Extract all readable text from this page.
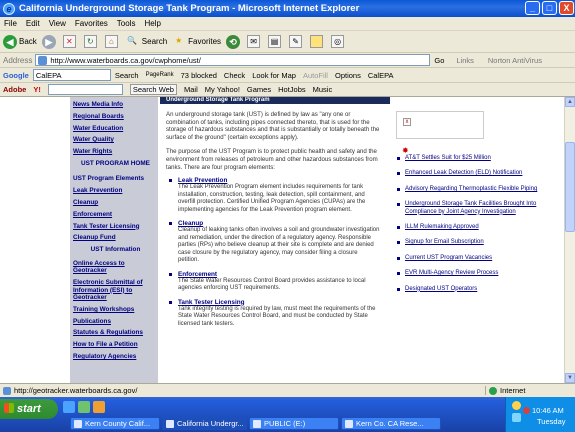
e California Underground Storage Tank Program - Microsoft Internet Explorer	_	□	X
File Edit View Favorites Tools Help
◀ Back ▶	✕	↻	⌂	🔍 Search ★ Favorites ⟲	✉	▤	✎	◎
Address	http://www.waterboards.ca.gov/cwphome/ust/	Go Links Norton AntiVirus
Google CalEPA	Search PageRank 73 blocked Check Look for Map AutoFill Options CalEPA
Adobe Y!	Search Web	Mail My Yahoo! Games HotJobs Music
News Media Info
Regional Boards
Water Education
Water Quality
Water Rights
UST PROGRAM HOME
UST Program Elements
Leak Prevention
Cleanup
Enforcement
Tank Tester Licensing
Cleanup Fund
UST Information
Online Access to Geotracker
Electronic Submittal of Information (ESI) to Geotracker
Training Workshops
Publications
Statutes & Regulations
How to File a Petition
Regulatory Agencies
Underground Storage Tank Program

An underground storage tank (UST) is defined by law as "any one or combination of tanks, including pipes connected thereto, that is used for the storage of hazardous substances and that is substantially or totally beneath the surface of the ground" (certain exceptions apply).

The purpose of the UST Program is to protect public health and safety and the environment from releases of petroleum and other hazardous substances from tanks. There are four program elements:

Leak Prevention
The Leak Prevention Program element includes requirements for tank installation, construction, testing, leak detection, spill containment, and overfill protection. Certified Unified Program Agencies (CUPAs) are the implementing agencies for the Leak Prevention program element.
Cleanup
Cleanup of leaking tanks often involves a soil and groundwater investigation and remediation, under the direction of a regulatory agency. Responsible parties (RPs) who believe cleanup at their site is complete and are denied case closure by the regulatory agency, may consider filing a closure petition.
Enforcement
The State Water Resources Control Board provides assistance to local agencies enforcing UST requirements.
Tank Tester Licensing
Tank integrity testing is required by law, must meet the requirements of the State Water Resources Control Board, and must be conducted by State licensed tank testers.
x
✸
AT&T Settles Suit for $25 Million
Enhanced Leak Detection (ELD) Notification
Advisory Regarding Thermoplastic Flexible Piping
Underground Storage Tank Facilities Brought Into Compliance by Joint Agency Investigation
ILLM Rulemaking Approved
Signup for Email Subscription
Current UST Program Vacancies
EVR Multi-Agency Review Process
Designated UST Operators
▲
▼
http://geotracker.waterboards.ca.gov/	Internet
start
Kern County Calif...	California Undergr...	PUBLIC (E:)	Kern Co. CA Rese...
10:46 AM
Tuesday
